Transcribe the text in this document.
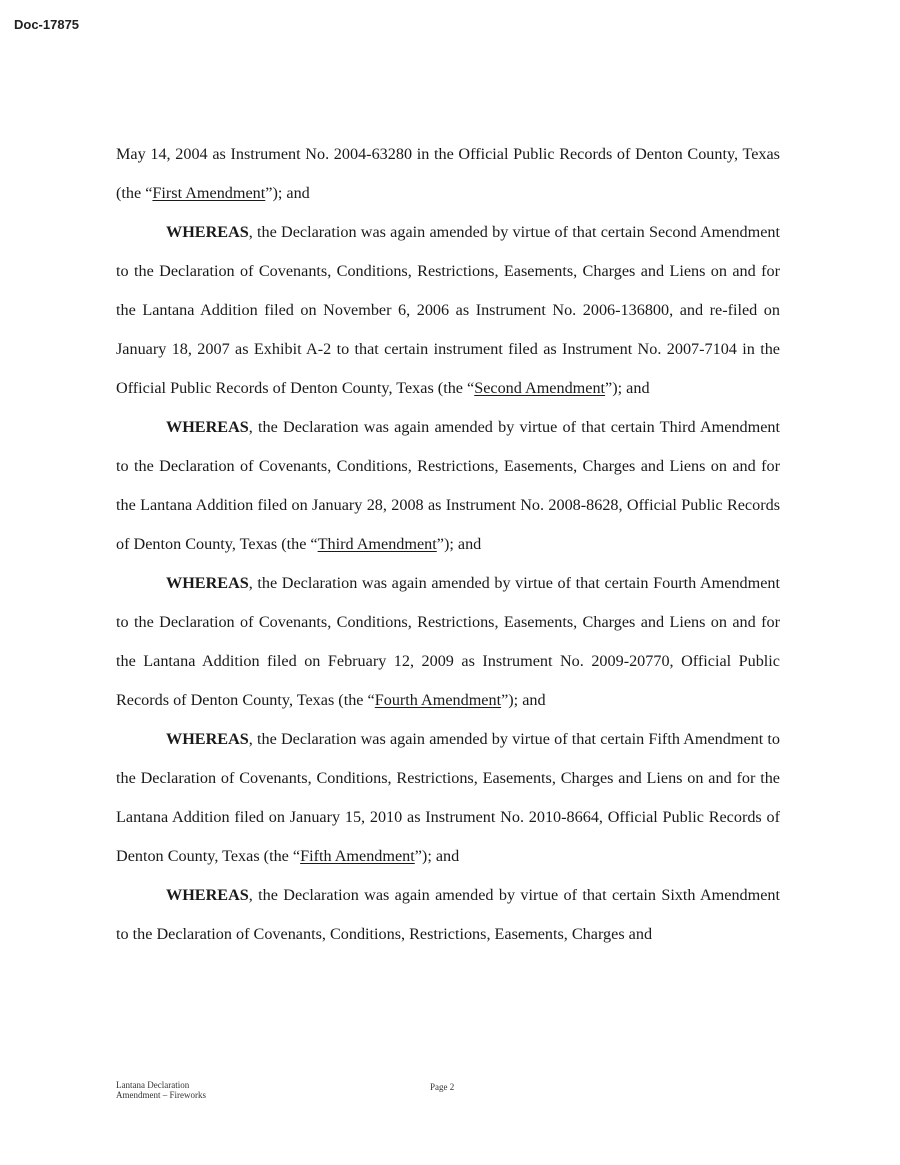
Doc-17875

May 14, 2004 as Instrument No. 2004-63280 in the Official Public Records of Denton County, Texas (the “First Amendment”); and

WHEREAS, the Declaration was again amended by virtue of that certain Second Amendment to the Declaration of Covenants, Conditions, Restrictions, Easements, Charges and Liens on and for the Lantana Addition filed on November 6, 2006 as Instrument No. 2006-136800, and re-filed on January 18, 2007 as Exhibit A-2 to that certain instrument filed as Instrument No. 2007-7104 in the Official Public Records of Denton County, Texas (the “Second Amendment”); and

WHEREAS, the Declaration was again amended by virtue of that certain Third Amendment to the Declaration of Covenants, Conditions, Restrictions, Easements, Charges and Liens on and for the Lantana Addition filed on January 28, 2008 as Instrument No. 2008-8628, Official Public Records of Denton County, Texas (the “Third Amendment”); and

WHEREAS, the Declaration was again amended by virtue of that certain Fourth Amendment to the Declaration of Covenants, Conditions, Restrictions, Easements, Charges and Liens on and for the Lantana Addition filed on February 12, 2009 as Instrument No. 2009-20770, Official Public Records of Denton County, Texas (the “Fourth Amendment”); and

WHEREAS, the Declaration was again amended by virtue of that certain Fifth Amendment to the Declaration of Covenants, Conditions, Restrictions, Easements, Charges and Liens on and for the Lantana Addition filed on January 15, 2010 as Instrument No. 2010-8664, Official Public Records of Denton County, Texas (the “Fifth Amendment”); and

WHEREAS, the Declaration was again amended by virtue of that certain Sixth Amendment to the Declaration of Covenants, Conditions, Restrictions, Easements, Charges and

Lantana Declaration
Amendment – Fireworks
Page 2
